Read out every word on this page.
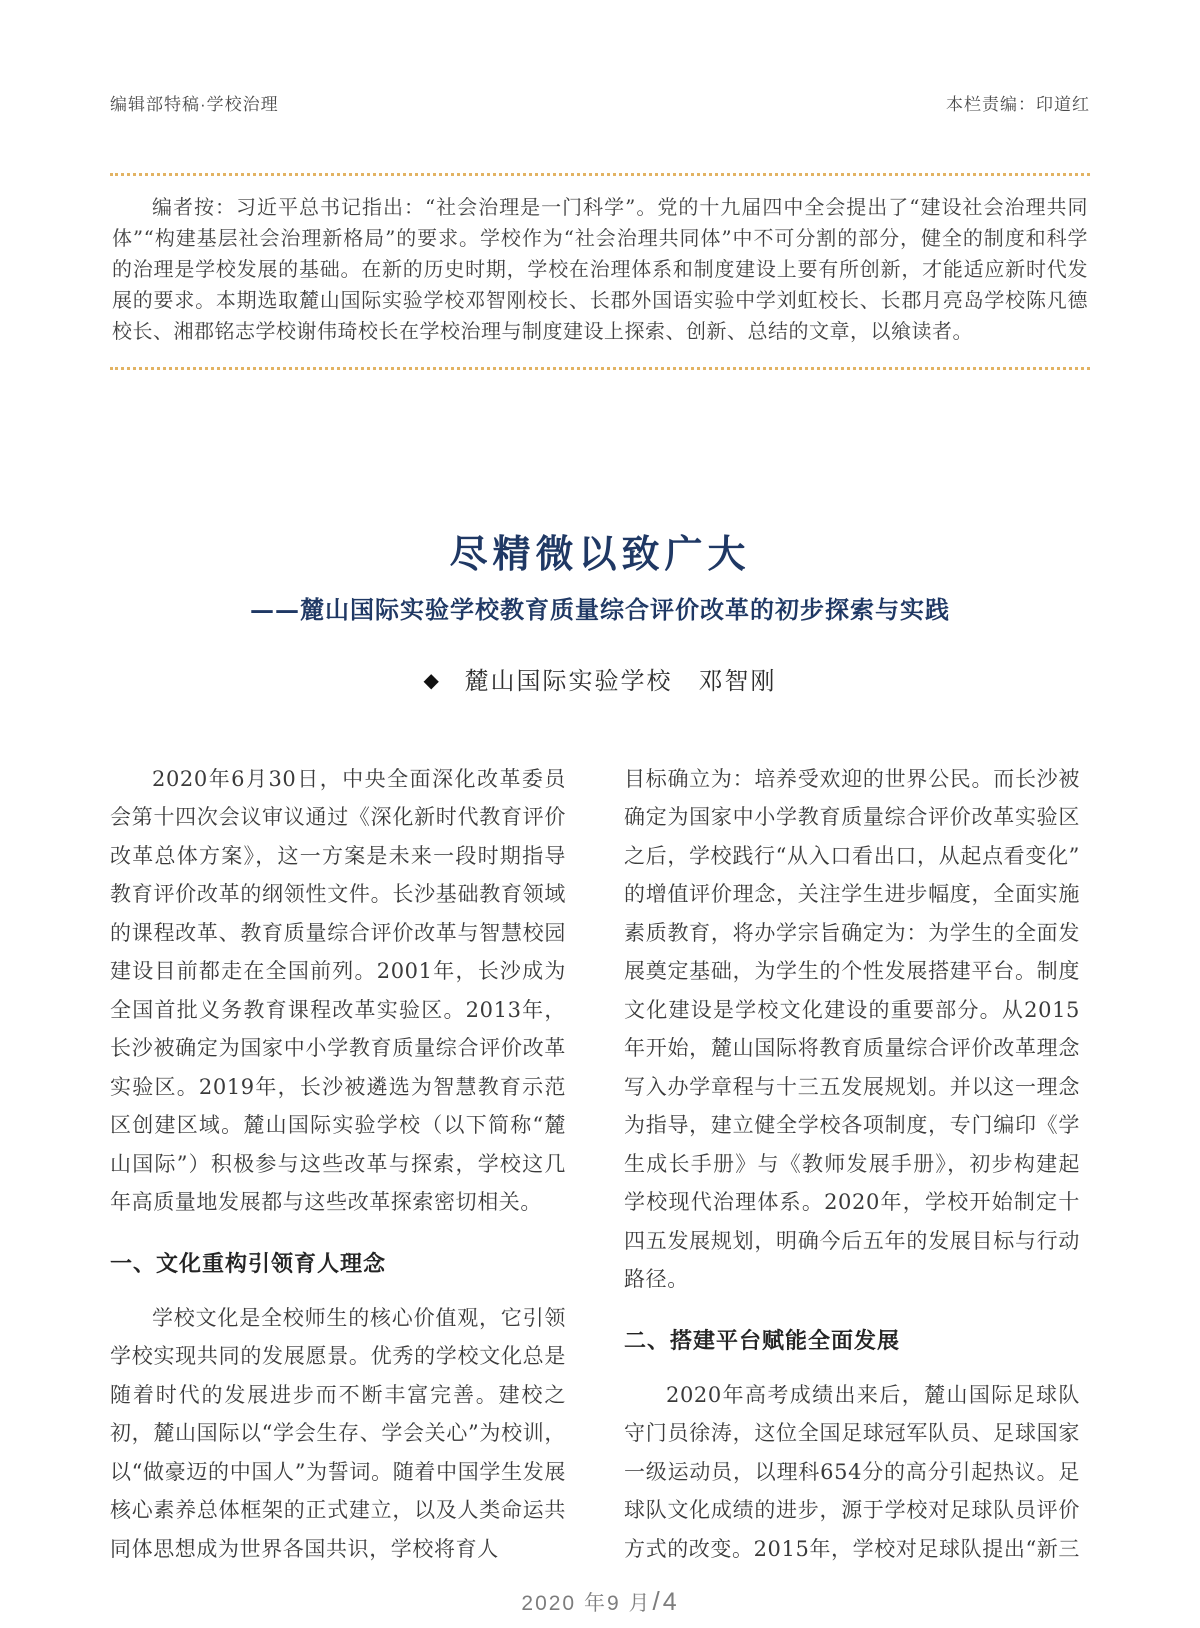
编辑部特稿·学校治理	本栏责编：印道红

编者按：习近平总书记指出：“社会治理是一门科学”。党的十九届四中全会提出了“建设社会治理共同体”“构建基层社会治理新格局”的要求。学校作为“社会治理共同体”中不可分割的部分，健全的制度和科学的治理是学校发展的基础。在新的历史时期，学校在治理体系和制度建设上要有所创新，才能适应新时代发展的要求。本期选取麓山国际实验学校邓智刚校长、长郡外国语实验中学刘虹校长、长郡月亮岛学校陈凡德校长、湘郡铭志学校谢伟琦校长在学校治理与制度建设上探索、创新、总结的文章，以飨读者。

尽精微以致广大
——麓山国际实验学校教育质量综合评价改革的初步探索与实践
◆ 麓山国际实验学校　邓智刚

2020年6月30日，中央全面深化改革委员会第十四次会议审议通过《深化新时代教育评价改革总体方案》，这一方案是未来一段时期指导教育评价改革的纲领性文件。长沙基础教育领域的课程改革、教育质量综合评价改革与智慧校园建设目前都走在全国前列。2001年，长沙成为全国首批义务教育课程改革实验区。2013年，长沙被确定为国家中小学教育质量综合评价改革实验区。2019年，长沙被遴选为智慧教育示范区创建区域。麓山国际实验学校（以下简称“麓山国际”）积极参与这些改革与探索，学校这几年高质量地发展都与这些改革探索密切相关。

一、文化重构引领育人理念

学校文化是全校师生的核心价值观，它引领学校实现共同的发展愿景。优秀的学校文化总是随着时代的发展进步而不断丰富完善。建校之初，麓山国际以“学会生存、学会关心”为校训，以“做豪迈的中国人”为誓词。随着中国学生发展核心素养总体框架的正式建立，以及人类命运共同体思想成为世界各国共识，学校将育人

目标确立为：培养受欢迎的世界公民。而长沙被确定为国家中小学教育质量综合评价改革实验区之后，学校践行“从入口看出口，从起点看变化”的增值评价理念，关注学生进步幅度，全面实施素质教育，将办学宗旨确定为：为学生的全面发展奠定基础，为学生的个性发展搭建平台。制度文化建设是学校文化建设的重要部分。从2015年开始，麓山国际将教育质量综合评价改革理念写入办学章程与十三五发展规划。并以这一理念为指导，建立健全学校各项制度，专门编印《学生成长手册》与《教师发展手册》，初步构建起学校现代治理体系。2020年，学校开始制定十四五发展规划，明确今后五年的发展目标与行动路径。

二、搭建平台赋能全面发展

2020年高考成绩出来后，麓山国际足球队守门员徐涛，这位全国足球冠军队员、足球国家一级运动员，以理科654分的高分引起热议。足球队文化成绩的进步，源于学校对足球队员评价方式的改变。2015年，学校对足球队提出“新三

2020 年9 月/4
